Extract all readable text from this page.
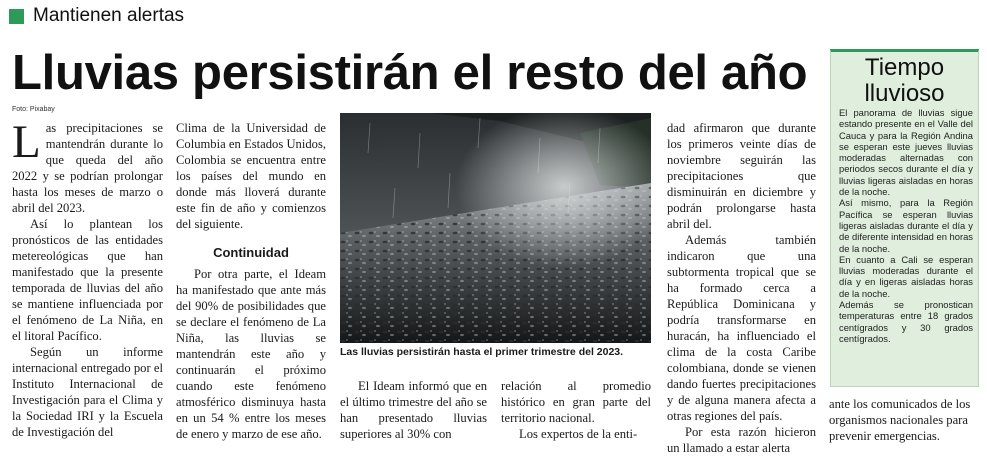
Mantienen alertas
Lluvias persistirán el resto del año
Foto: Pixabay

Las precipitaciones se mantendrán durante lo que queda del año 2022 y se podrían prolongar hasta los meses de marzo o abril del 2023.

Así lo plantean los pronósticos de las entidades metereológicas que han manifestado que la presente temporada de lluvias del año se mantiene influenciada por el fenómeno de La Niña, en el litoral Pacífico.

Según un informe internacional entregado por el Instituto Internacional de Investigación para el Clima y la Sociedad IRI y la Escuela de Investigación del

Clima de la Universidad de Columbia en Estados Unidos, Colombia se encuentra entre los países del mundo en donde más lloverá durante este fin de año y comienzos del siguiente.

Continuidad

Por otra parte, el Ideam ha manifestado que ante más del 90% de posibilidades que se declare el fenómeno de La Niña, las lluvias se mantendrán este año y continuarán el próximo cuando este fenómeno atmosférico disminuya hasta en un 54 % entre los meses de enero y marzo de ese año.

Las lluvias persistirán hasta el primer trimestre del 2023.

El Ideam informó que en el último trimestre del año se han presentado lluvias superiores al 30% con

relación al promedio histórico en gran parte del territorio nacional.

Los expertos de la enti-

dad afirmaron que durante los primeros veinte días de noviembre seguirán las precipitaciones que disminuirán en diciembre y podrán prolongarse hasta abril del.

Además también indicaron que una subtormenta tropical que se ha formado cerca a República Dominicana y podría transformarse en huracán, ha influenciado el clima de la costa Caribe colombiana, donde se vienen dando fuertes precipitaciones y de alguna manera afecta a otras regiones del país.

Por esta razón hicieron un llamado a estar alerta

Tiempo lluvioso

El panorama de lluvias sigue estando presente en el Valle del Cauca y para la Región Andina se esperan este jueves lluvias moderadas alternadas con periodos secos durante el día y lluvias ligeras aisladas en horas de la noche.

Así mismo, para la Región Pacífica se esperan lluvias ligeras aisladas durante el día y de diferente intensidad en horas de la noche.

En cuanto a Cali se esperan lluvias moderadas durante el día y en ligeras aisladas horas de la noche.

Además se pronostican temperaturas entre 18 grados centígrados y 30 grados centígrados.

ante los comunicados de los organismos nacionales para prevenir emergencias.
